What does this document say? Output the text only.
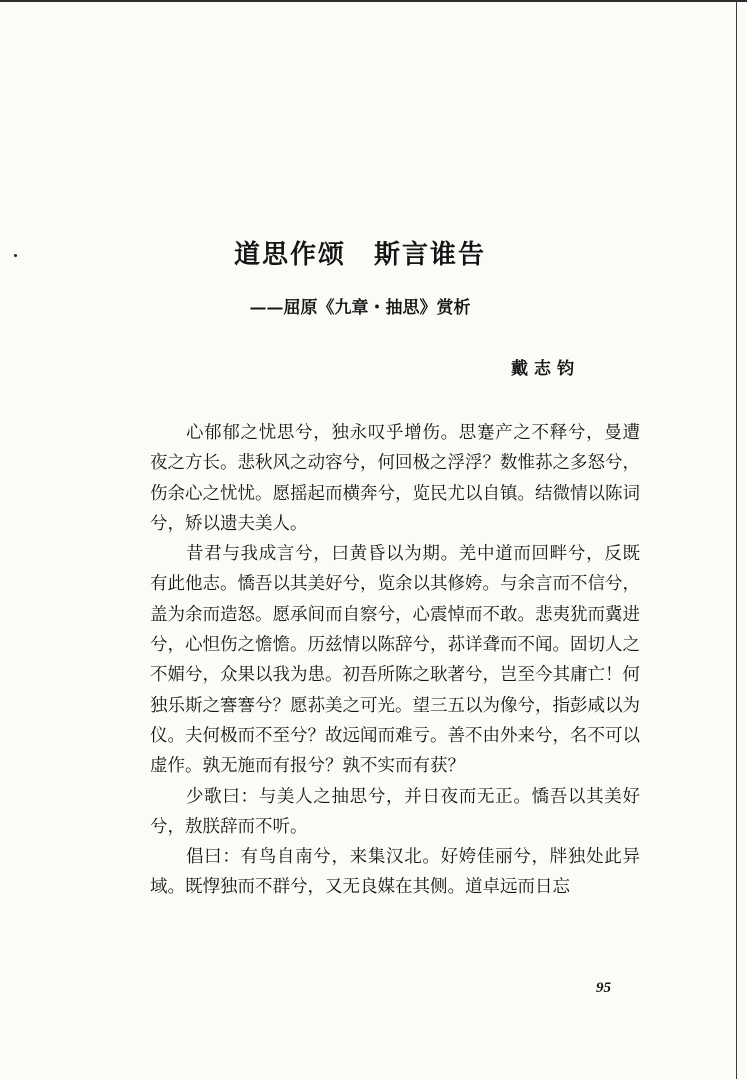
道思作颂　斯言谁告
——屈原《九章・抽思》赏析

戴志钧

心郁郁之忧思兮，独永叹乎增伤。思蹇产之不释兮，曼遭夜之方长。悲秋风之动容兮，何回极之浮浮？数惟荪之多怒兮，伤余心之忧忧。愿摇起而横奔兮，览民尤以自镇。结微情以陈词兮，矫以遗夫美人。

昔君与我成言兮，曰黄昏以为期。羌中道而回畔兮，反既有此他志。憍吾以其美好兮，览余以其修姱。与余言而不信兮，盖为余而造怒。愿承间而自察兮，心震悼而不敢。悲夷犹而冀进兮，心怛伤之憺憺。历兹情以陈辞兮，荪详聋而不闻。固切人之不媚兮，众果以我为患。初吾所陈之耿著兮，岂至今其庸亡！何独乐斯之謇謇兮？愿荪美之可光。望三五以为像兮，指彭咸以为仪。夫何极而不至兮？故远闻而难亏。善不由外来兮，名不可以虚作。孰无施而有报兮？孰不实而有获？

少歌曰：与美人之抽思兮，并日夜而无正。憍吾以其美好兮，敖朕辞而不听。

倡曰：有鸟自南兮，来集汉北。好姱佳丽兮，牉独处此异域。既惸独而不群兮，又无良媒在其侧。道卓远而日忘

95
